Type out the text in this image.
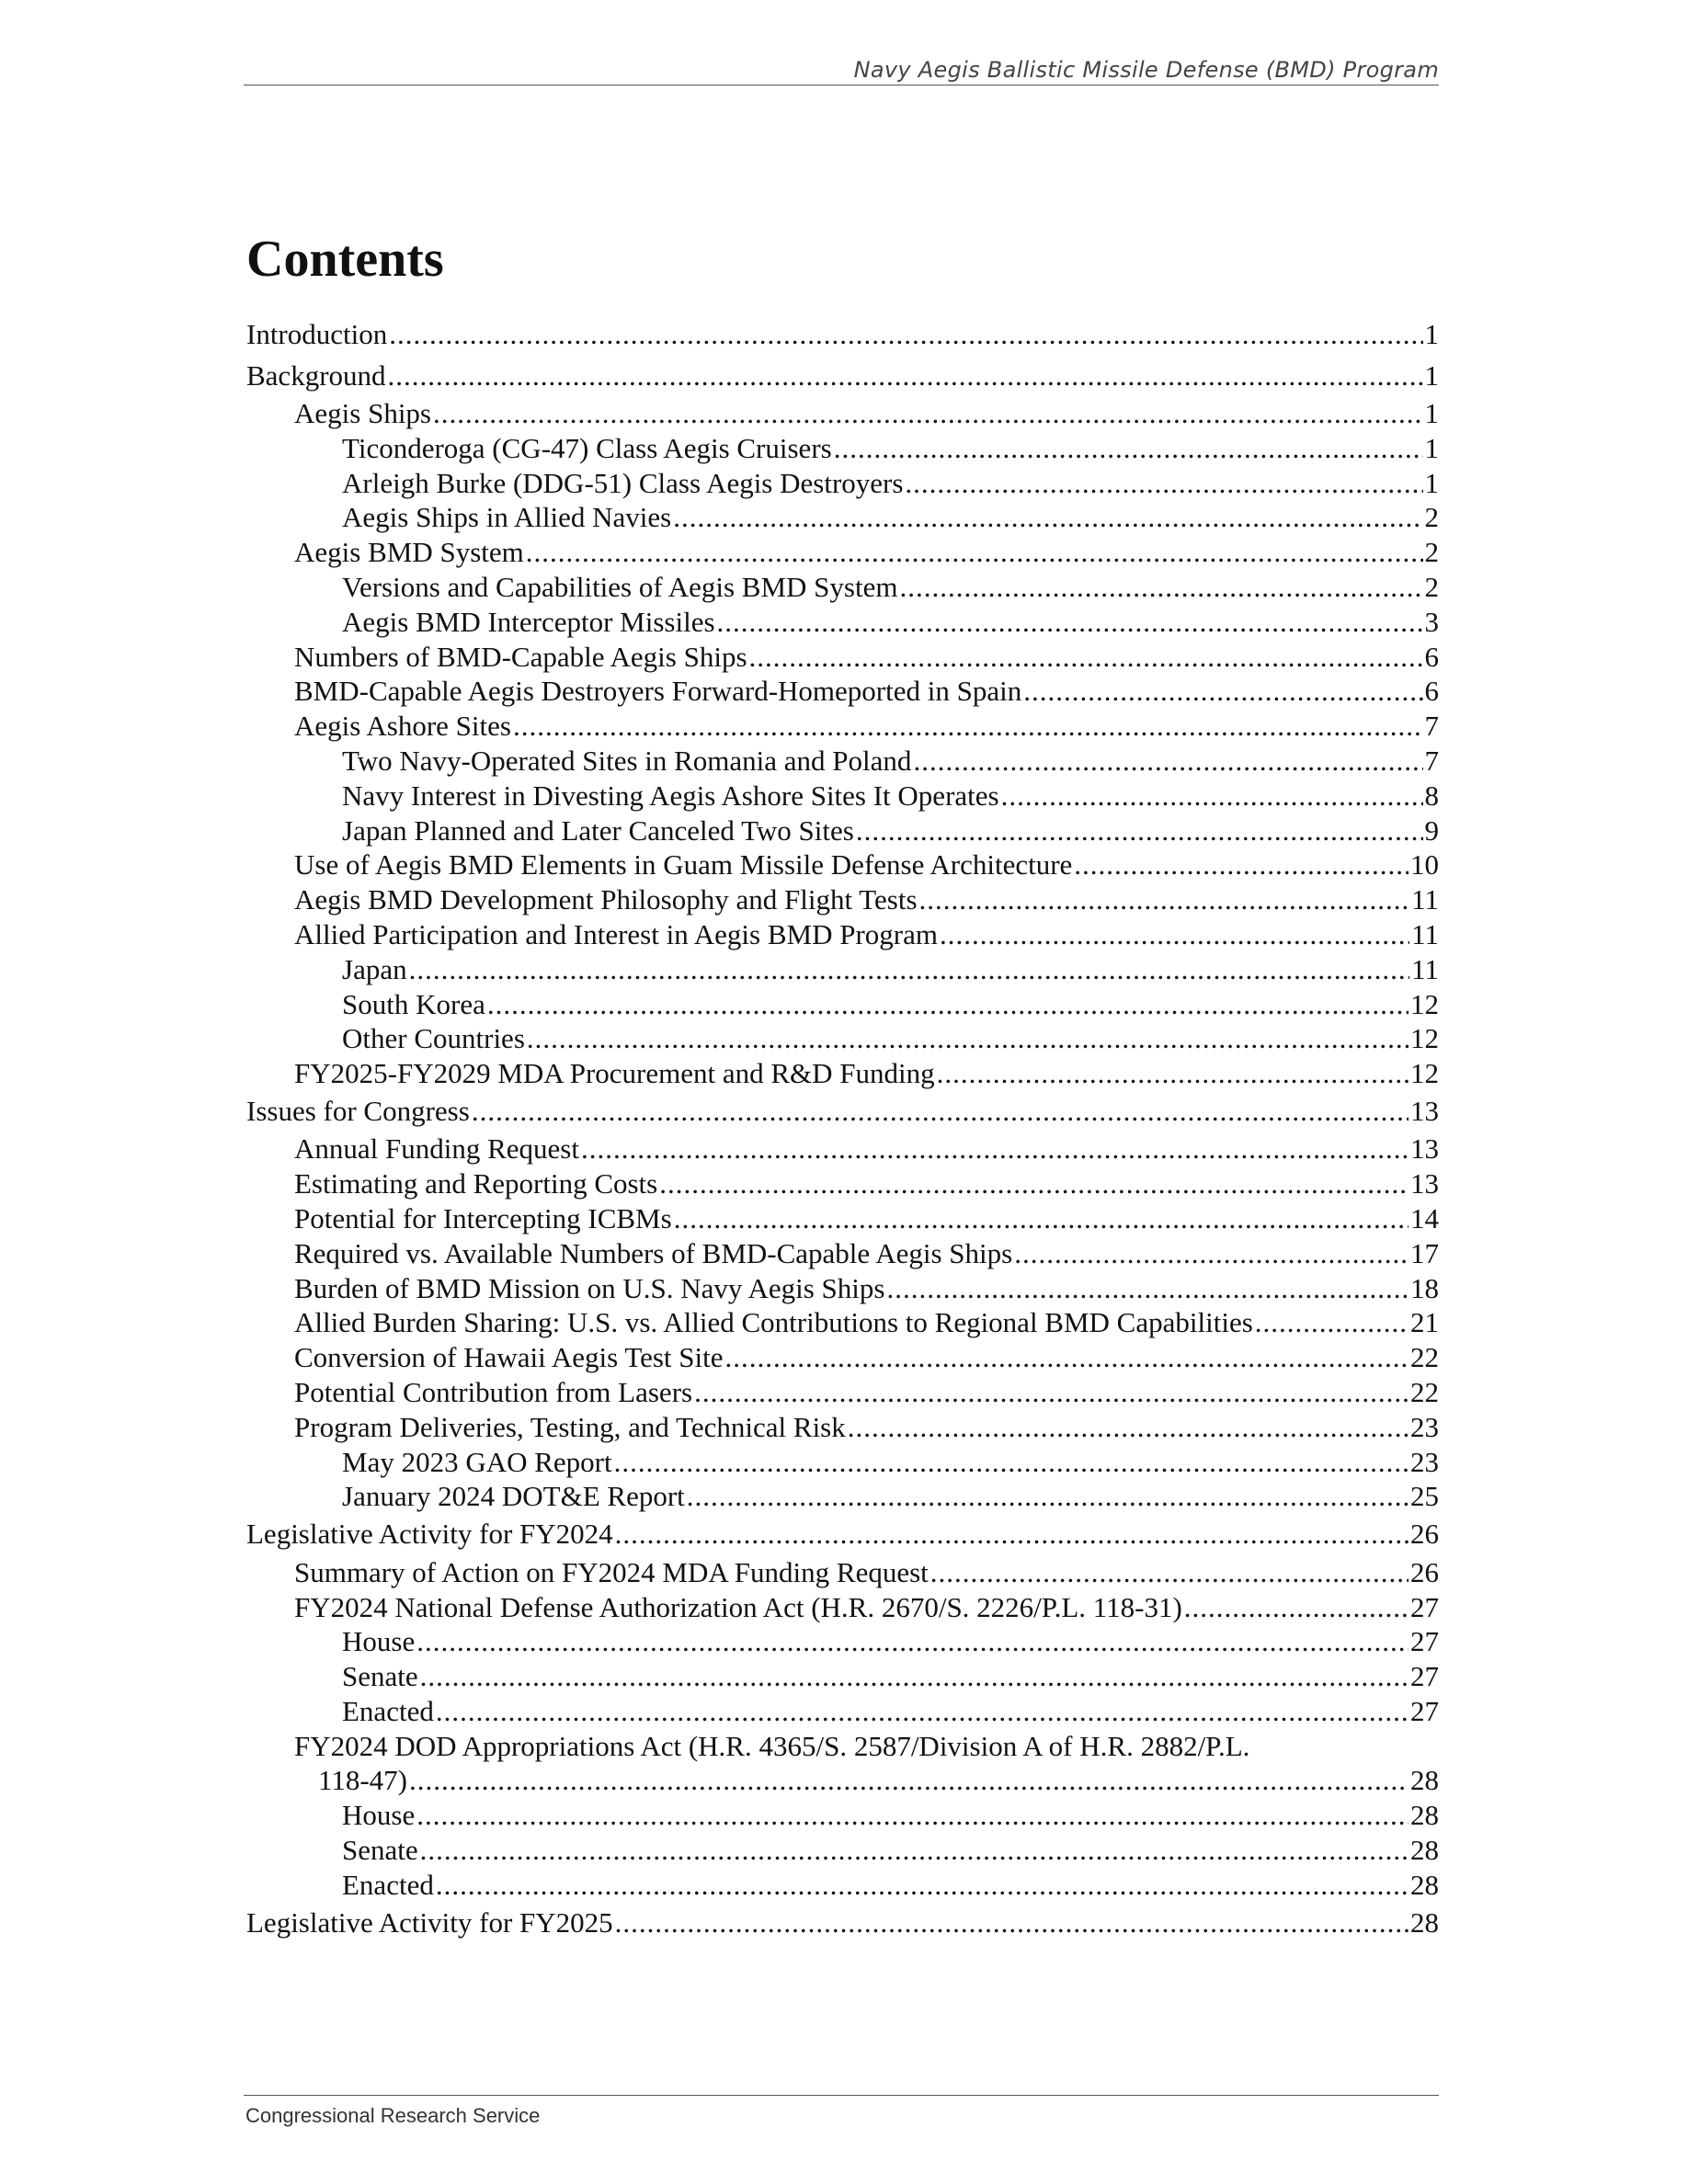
Navy Aegis Ballistic Missile Defense (BMD) Program
Contents
Introduction .....	1
Background .....	1
Aegis Ships .....	1
Ticonderoga (CG-47) Class Aegis Cruisers .....	1
Arleigh Burke (DDG-51) Class Aegis Destroyers .....	1
Aegis Ships in Allied Navies .....	2
Aegis BMD System .....	2
Versions and Capabilities of Aegis BMD System .....	2
Aegis BMD Interceptor Missiles .....	3
Numbers of BMD-Capable Aegis Ships .....	6
BMD-Capable Aegis Destroyers Forward-Homeported in Spain .....	6
Aegis Ashore Sites .....	7
Two Navy-Operated Sites in Romania and Poland .....	7
Navy Interest in Divesting Aegis Ashore Sites It Operates .....	8
Japan Planned and Later Canceled Two Sites .....	9
Use of Aegis BMD Elements in Guam Missile Defense Architecture .....	10
Aegis BMD Development Philosophy and Flight Tests .....	11
Allied Participation and Interest in Aegis BMD Program .....	11
Japan .....	11
South Korea .....	12
Other Countries .....	12
FY2025-FY2029 MDA Procurement and R&D Funding .....	12
Issues for Congress .....	13
Annual Funding Request .....	13
Estimating and Reporting Costs .....	13
Potential for Intercepting ICBMs .....	14
Required vs. Available Numbers of BMD-Capable Aegis Ships .....	17
Burden of BMD Mission on U.S. Navy Aegis Ships .....	18
Allied Burden Sharing: U.S. vs. Allied Contributions to Regional BMD Capabilities .....	21
Conversion of Hawaii Aegis Test Site .....	22
Potential Contribution from Lasers .....	22
Program Deliveries, Testing, and Technical Risk .....	23
May 2023 GAO Report .....	23
January 2024 DOT&E Report .....	25
Legislative Activity for FY2024 .....	26
Summary of Action on FY2024 MDA Funding Request .....	26
FY2024 National Defense Authorization Act (H.R. 2670/S. 2226/P.L. 118-31) .....	27
House .....	27
Senate .....	27
Enacted .....	27
FY2024 DOD Appropriations Act (H.R. 4365/S. 2587/Division A of H.R. 2882/P.L.
118-47) .....	28
House .....	28
Senate .....	28
Enacted .....	28
Legislative Activity for FY2025 .....	28
Congressional Research Service
